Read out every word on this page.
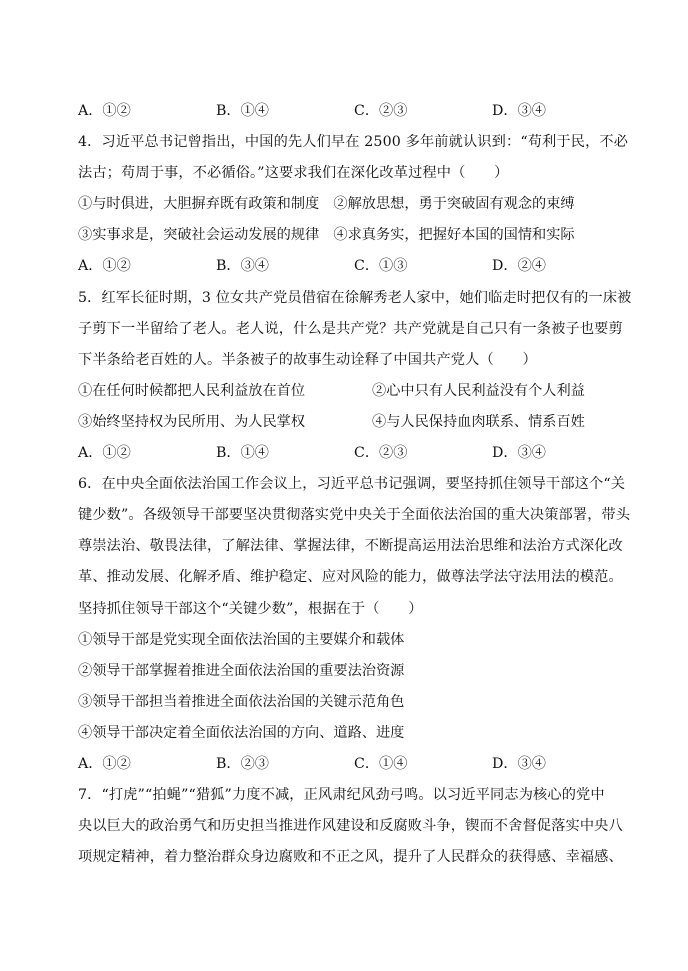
A．①②	B．①④	C．②③	D．③④
4．习近平总书记曾指出，中国的先人们早在 2500 多年前就认识到：“苟利于民，不必
法古；苟周于事，不必循俗。”这要求我们在深化改革过程中（　　）
①与时俱进，大胆摒弃既有政策和制度　②解放思想，勇于突破固有观念的束缚
③实事求是，突破社会运动发展的规律　④求真务实，把握好本国的国情和实际
A．①②	B．③④	C．①③	D．②④
5．红军长征时期，3 位女共产党员借宿在徐解秀老人家中，她们临走时把仅有的一床被
子剪下一半留给了老人。老人说，什么是共产党？共产党就是自己只有一条被子也要剪
下半条给老百姓的人。半条被子的故事生动诠释了中国共产党人（　　）
①在任何时候都把人民利益放在首位	②心中只有人民利益没有个人利益
③始终坚持权为民所用、为人民掌权	④与人民保持血肉联系、情系百姓
A．①②	B．①④	C．②③	D．③④
6．在中央全面依法治国工作会议上，习近平总书记强调，要坚持抓住领导干部这个“关
键少数”。各级领导干部要坚决贯彻落实党中央关于全面依法治国的重大决策部署，带头
尊崇法治、敬畏法律，了解法律、掌握法律，不断提高运用法治思维和法治方式深化改
革、推动发展、化解矛盾、维护稳定、应对风险的能力，做尊法学法守法用法的模范。
坚持抓住领导干部这个“关键少数”，根据在于（　　）
①领导干部是党实现全面依法治国的主要媒介和载体
②领导干部掌握着推进全面依法治国的重要法治资源
③领导干部担当着推进全面依法治国的关键示范角色
④领导干部决定着全面依法治国的方向、道路、进度
A．①②	B．②③	C．①④	D．③④
7．“打虎”“拍蝇”“猎狐”力度不减，正风肃纪风劲弓鸣。以习近平同志为核心的党中
央以巨大的政治勇气和历史担当推进作风建设和反腐败斗争，锲而不舍督促落实中央八
项规定精神，着力整治群众身边腐败和不正之风，提升了人民群众的获得感、幸福感、
